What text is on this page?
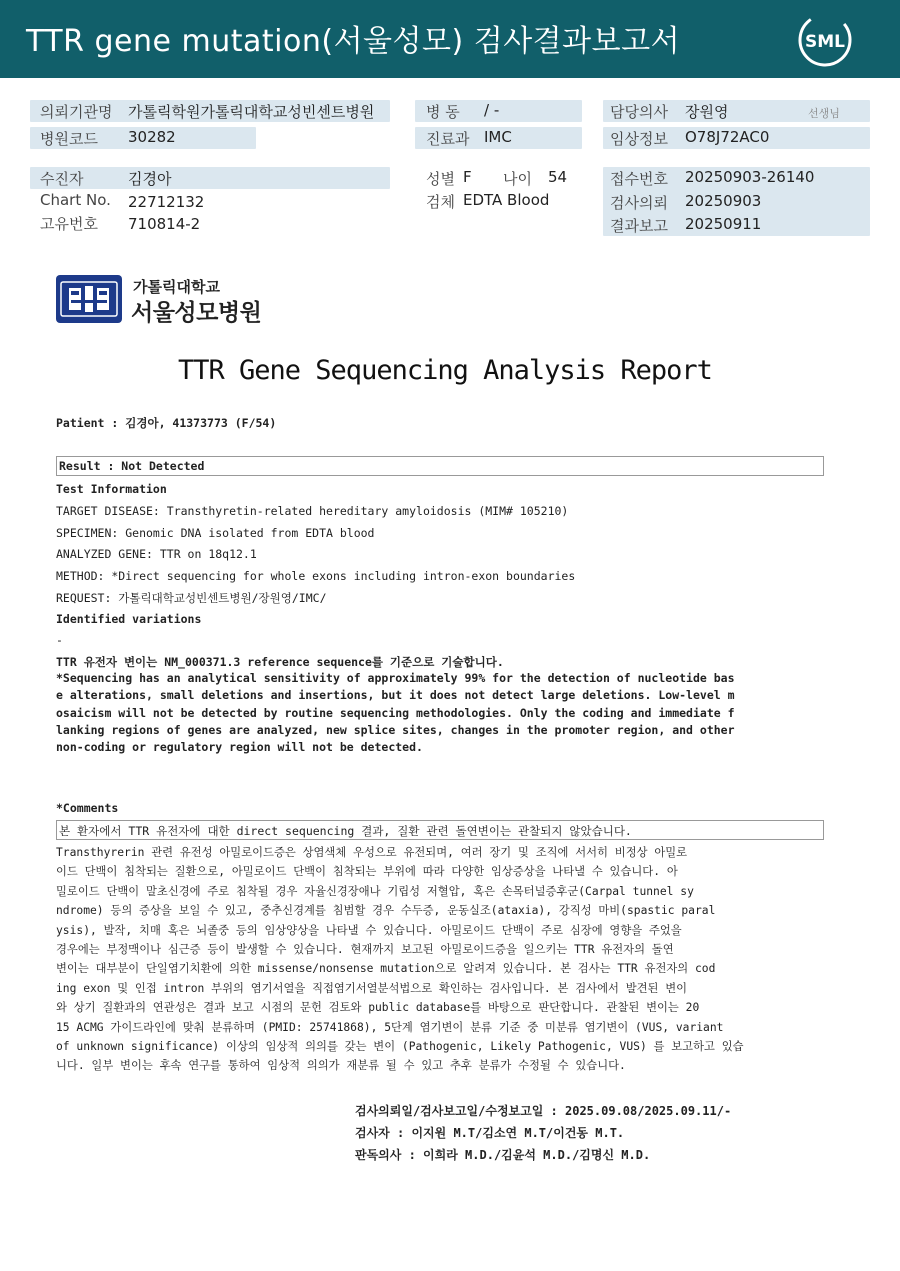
TTR gene mutation(서울성모) 검사결과보고서	SML
의뢰기관명 가톨릭학원가톨릭대학교성빈센트병원
병원코드 30282
병 동 / -
진료과 IMC
담당의사 장원영	선생님
임상정보 O78J72AC0
수진자	김경아
Chart No. 22712132
고유번호 710814-2
성별 F 나이 54
검체 EDTA Blood
접수번호 20250903-26140
검사의뢰 20250903
결과보고 20250911
가톨릭대학교
서울성모병원
TTR Gene Sequencing Analysis Report
Patient : 김경아, 41373773 (F/54)
Result : Not Detected
Test Information
TARGET DISEASE: Transthyretin-related hereditary amyloidosis (MIM# 105210)
SPECIMEN: Genomic DNA isolated from EDTA blood
ANALYZED GENE: TTR on 18q12.1
METHOD: *Direct sequencing for whole exons including intron-exon boundaries
REQUEST: 가톨릭대학교성빈센트병원/장원영/IMC/
Identified variations
-
TTR 유전자 변이는 NM_000371.3 reference sequence를 기준으로 기술합니다.
*Sequencing has an analytical sensitivity of approximately 99% for the detection of nucleotide bas
e alterations, small deletions and insertions, but it does not detect large deletions. Low-level m
osaicism will not be detected by routine sequencing methodologies. Only the coding and immediate f
lanking regions of genes are analyzed, new splice sites, changes in the promoter region, and other
non-coding or regulatory region will not be detected.
*Comments
본 환자에서 TTR 유전자에 대한 direct sequencing 결과, 질환 관련 돌연변이는 관찰되지 않았습니다.
Transthyrerin 관련 유전성 아밀로이드증은 상염색체 우성으로 유전되며, 여러 장기 및 조직에 서서히 비정상 아밀로
이드 단백이 침착되는 질환으로, 아밀로이드 단백이 침착되는 부위에 따라 다양한 임상증상을 나타낼 수 있습니다. 아
밀로이드 단백이 말초신경에 주로 침착될 경우 자율신경장애나 기립성 저혈압, 혹은 손목터널증후군(Carpal tunnel sy
ndrome) 등의 증상을 보일 수 있고, 중추신경계를 침범할 경우 수두증, 운동실조(ataxia), 강직성 마비(spastic paral
ysis), 발작, 치매 혹은 뇌졸중 등의 임상양상을 나타낼 수 있습니다. 아밀로이드 단백이 주로 심장에 영향을 주었을
경우에는 부정맥이나 심근증 등이 발생할 수 있습니다. 현재까지 보고된 아밀로이드증을 일으키는 TTR 유전자의 돌연
변이는 대부분이 단일염기치환에 의한 missense/nonsense mutation으로 알려져 있습니다. 본 검사는 TTR 유전자의 cod
ing exon 및 인접 intron 부위의 염기서열을 직접염기서열분석법으로 확인하는 검사입니다. 본 검사에서 발견된 변이
와 상기 질환과의 연관성은 결과 보고 시점의 문헌 검토와 public database를 바탕으로 판단합니다. 관찰된 변이는 20
15 ACMG 가이드라인에 맞춰 분류하며 (PMID: 25741868), 5단계 염기변이 분류 기준 중 미분류 염기변이 (VUS, variant
of unknown significance) 이상의 임상적 의의를 갖는 변이 (Pathogenic, Likely Pathogenic, VUS) 를 보고하고 있습
니다. 일부 변이는 후속 연구를 통하여 임상적 의의가 재분류 될 수 있고 추후 분류가 수정될 수 있습니다.
검사의뢰일/검사보고일/수정보고일 : 2025.09.08/2025.09.11/-
검사자 : 이지원 M.T/김소연 M.T/이건동 M.T.
판독의사 : 이희라 M.D./김윤석 M.D./김명신 M.D.
